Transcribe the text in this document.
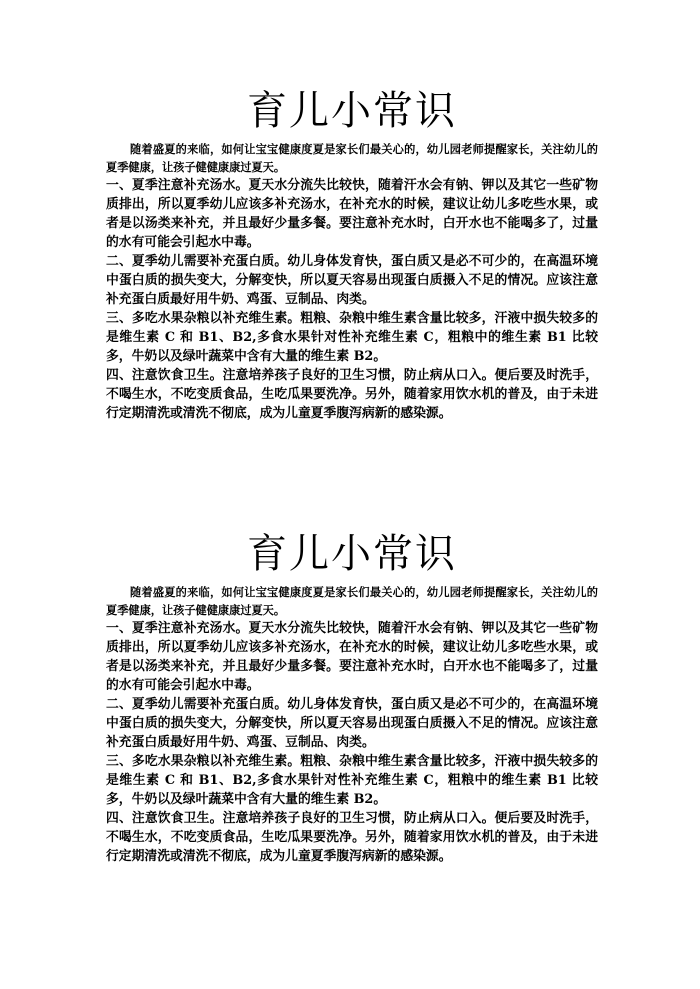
育儿小常识

随着盛夏的来临，如何让宝宝健康度夏是家长们最关心的，幼儿园老师提醒家长，关注幼儿的夏季健康，让孩子健健康康过夏天。

一、夏季注意补充汤水。夏天水分流失比较快，随着汗水会有钠、钾以及其它一些矿物质排出，所以夏季幼儿应该多补充汤水，在补充水的时候，建议让幼儿多吃些水果，或者是以汤类来补充，并且最好少量多餐。要注意补充水时，白开水也不能喝多了，过量的水有可能会引起水中毒。

二、夏季幼儿需要补充蛋白质。幼儿身体发育快，蛋白质又是必不可少的，在高温环境中蛋白质的损失变大，分解变快，所以夏天容易出现蛋白质摄入不足的情况。应该注意补充蛋白质最好用牛奶、鸡蛋、豆制品、肉类。

三、多吃水果杂粮以补充维生素。粗粮、杂粮中维生素含量比较多，汗液中损失较多的是维生素 C 和 B1、B2,多食水果针对性补充维生素 C，粗粮中的维生素 B1 比较多，牛奶以及绿叶蔬菜中含有大量的维生素 B2。

四、注意饮食卫生。注意培养孩子良好的卫生习惯，防止病从口入。便后要及时洗手，不喝生水，不吃变质食品，生吃瓜果要洗净。另外，随着家用饮水机的普及，由于未进行定期清洗或清洗不彻底，成为儿童夏季腹泻病新的感染源。

育儿小常识

随着盛夏的来临，如何让宝宝健康度夏是家长们最关心的，幼儿园老师提醒家长，关注幼儿的夏季健康，让孩子健健康康过夏天。

一、夏季注意补充汤水。夏天水分流失比较快，随着汗水会有钠、钾以及其它一些矿物质排出，所以夏季幼儿应该多补充汤水，在补充水的时候，建议让幼儿多吃些水果，或者是以汤类来补充，并且最好少量多餐。要注意补充水时，白开水也不能喝多了，过量的水有可能会引起水中毒。

二、夏季幼儿需要补充蛋白质。幼儿身体发育快，蛋白质又是必不可少的，在高温环境中蛋白质的损失变大，分解变快，所以夏天容易出现蛋白质摄入不足的情况。应该注意补充蛋白质最好用牛奶、鸡蛋、豆制品、肉类。

三、多吃水果杂粮以补充维生素。粗粮、杂粮中维生素含量比较多，汗液中损失较多的是维生素 C 和 B1、B2,多食水果针对性补充维生素 C，粗粮中的维生素 B1 比较多，牛奶以及绿叶蔬菜中含有大量的维生素 B2。

四、注意饮食卫生。注意培养孩子良好的卫生习惯，防止病从口入。便后要及时洗手，不喝生水，不吃变质食品，生吃瓜果要洗净。另外，随着家用饮水机的普及，由于未进行定期清洗或清洗不彻底，成为儿童夏季腹泻病新的感染源。
